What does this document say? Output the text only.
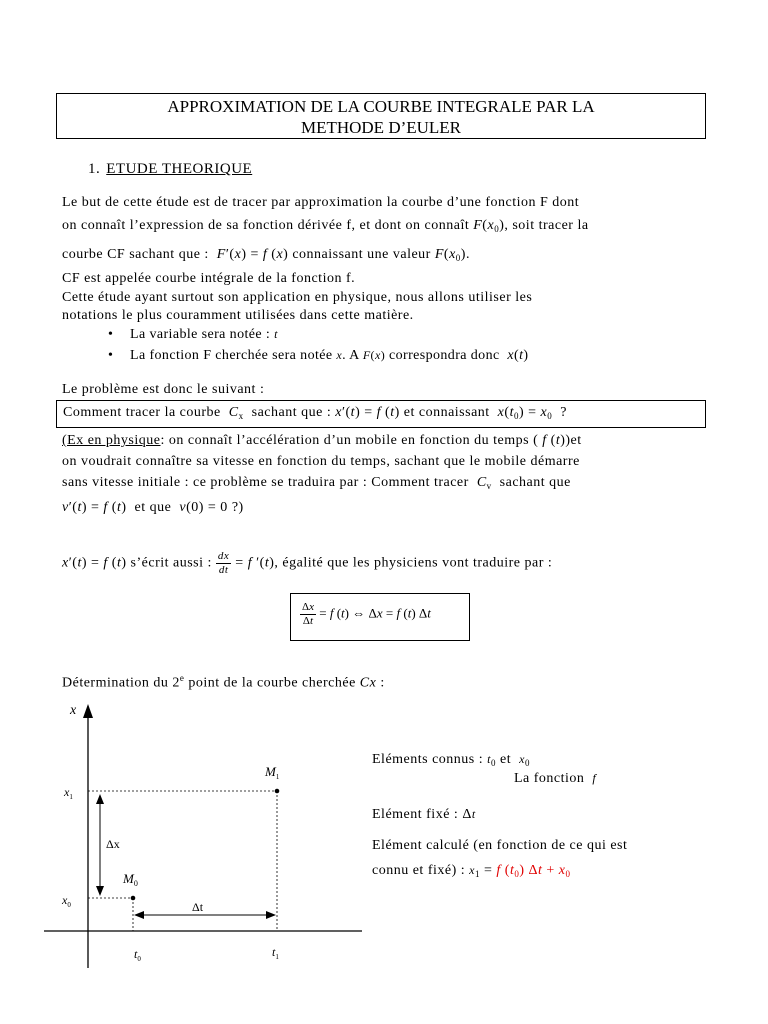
APPROXIMATION DE LA COURBE INTEGRALE PAR LA
METHODE D’EULER
1. ETUDE THEORIQUE

Le but de cette étude est de tracer par approximation la courbe d’une fonction F dont

on connaît l’expression de sa fonction dérivée f, et dont on connaît $F(x_0)$, soit tracer la

courbe CF sachant que : F′(x) = f (x) connaissant une valeur $F(x_0)$.

CF est appelée courbe intégrale de la fonction f.

Cette étude ayant surtout son application en physique, nous allons utiliser les

notations le plus couramment utilisées dans cette matière.

• La variable sera notée : t
• La fonction F cherchée sera notée x. A F(x) correspondra donc x(t)
Le problème est donc le suivant :
Comment tracer la courbe $C_x$ sachant que : x′(t) = f (t) et connaissant $x(t_0) = x_0$ ?

(Ex en physique: on connaît l’accélération d’un mobile en fonction du temps ( f (t))et

on voudrait connaître sa vitesse en fonction du temps, sachant que le mobile démarre

sans vitesse initiale : ce problème se traduira par : Comment tracer $C_v$ sachant que

v′(t) = f (t)  et que v(0) = 0 ?)

x′(t) = f (t) s’écrit aussi : $\frac{dx}{dt} = f$ ′(t), égalité que les physiciens vont traduire par :
$\frac{\Delta x}{\Delta t} = f$ (t) ⇔ Δx = f (t) Δt
Détermination du 2e point de la courbe cherchée Cx :
x
$x_1$
$x_0$
$M_1$
$M_0$
Δx
Δt
$t_0$	$t_1$
Eléments connus : $t_0$ et $x_0$
La fonction f
Elément fixé : Δt
Elément calculé (en fonction de ce qui est
connu et fixé) : $x_1 = f$ $(t_0) \Delta t + x_0$
